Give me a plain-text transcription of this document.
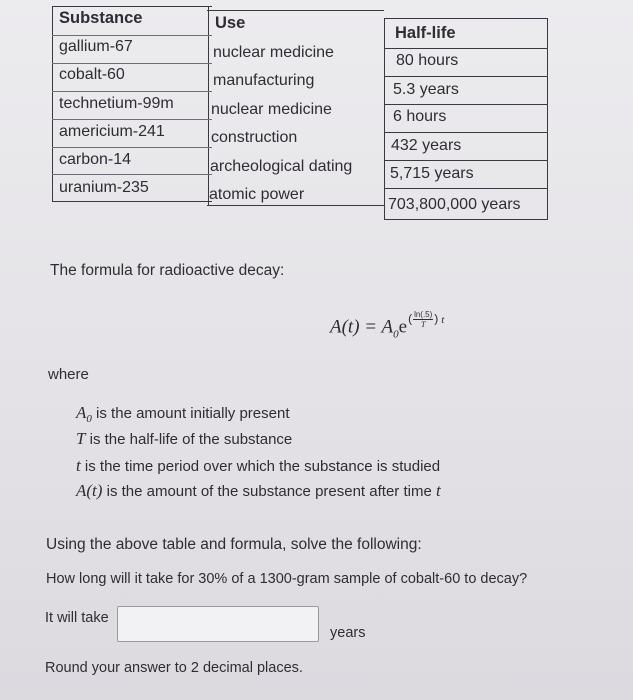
Substance	Use
Half-life
gallium-67
cobalt-60
technetium-99m
americium-241
carbon-14
uranium-235
nuclear medicine
manufacturing
nuclear medicine
construction
archeological dating
atomic power
80 hours
5.3 years
6 hours
432 years
5,715 years
703,800,000 years
The formula for radioactive decay:
$A(t) = A_0e( \frac{\ln(.5)}{T}$ ) t
where
$A_0$ is the amount initially present
T is the half-life of the substance
t is the time period over which the substance is studied
A(t) is the amount of the substance present after time t
Using the above table and formula, solve the following:
How long will it take for 30% of a 1300-gram sample of cobalt-60 to decay?
It will take
years
Round your answer to 2 decimal places.
